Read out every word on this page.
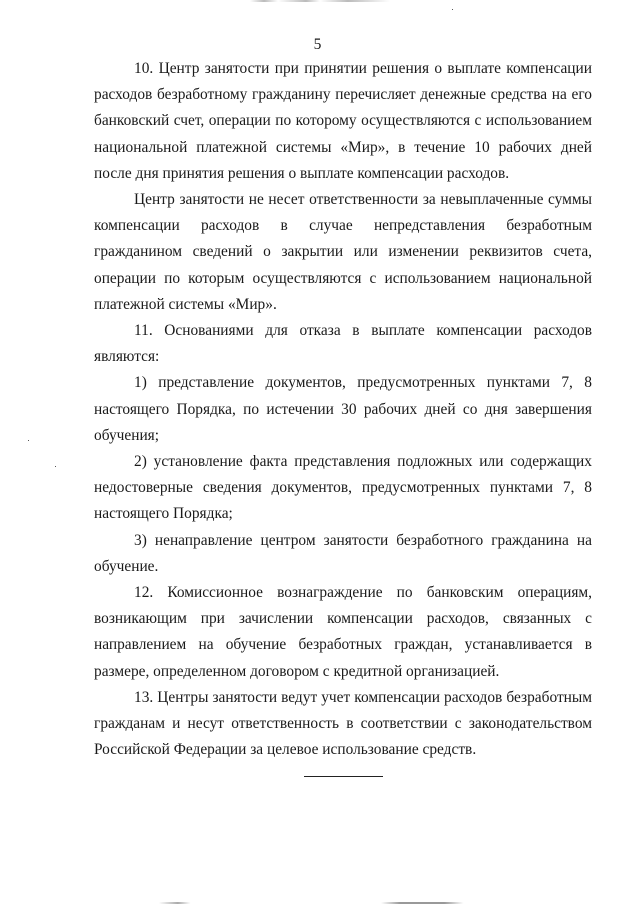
5

10. Центр занятости при принятии решения о выплате компенсации расходов безработному гражданину перечисляет денежные средства на его банковский счет, операции по которому осуществляются с использованием национальной платежной системы «Мир», в течение 10 рабочих дней после дня принятия решения о выплате компенсации расходов.

Центр занятости не несет ответственности за невыплаченные суммы компенсации расходов в случае непредставления безработным гражданином сведений о закрытии или изменении реквизитов счета, операции по которым осуществляются с использованием национальной платежной системы «Мир».

11. Основаниями для отказа в выплате компенсации расходов являются:

1) представление документов, предусмотренных пунктами 7, 8 настоящего Порядка, по истечении 30 рабочих дней со дня завершения обучения;

2) установление факта представления подложных или содержащих недостоверные сведения документов, предусмотренных пунктами 7, 8 настоящего Порядка;

3) ненаправление центром занятости безработного гражданина на обучение.

12. Комиссионное вознаграждение по банковским операциям, возникающим при зачислении компенсации расходов, связанных с направлением на обучение безработных граждан, устанавливается в размере, определенном договором с кредитной организацией.

13. Центры занятости ведут учет компенсации расходов безработным гражданам и несут ответственность в соответствии с законодательством Российской Федерации за целевое использование средств.
